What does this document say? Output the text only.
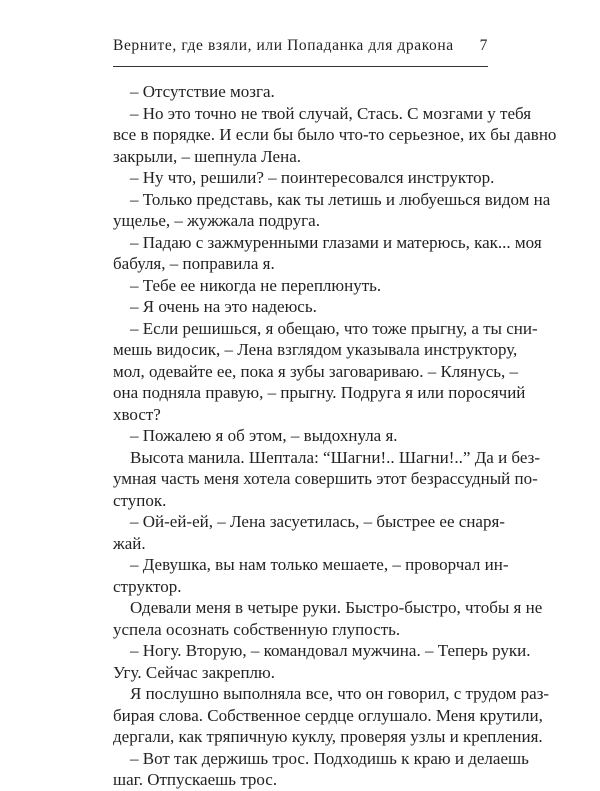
Верните, где взяли, или Попаданка для дракона 7
– Отсутствие мозга.
– Но это точно не твой случай, Стась. С мозгами у тебя
все в порядке. И если бы было что-то серьезное, их бы давно
закрыли, – шепнула Лена.
– Ну что, решили? – поинтересовался инструктор.
– Только представь, как ты летишь и любуешься видом на
ущелье, – жужжала подруга.
– Падаю с зажмуренными глазами и матерюсь, как... моя
бабуля, – поправила я.
– Тебе ее никогда не переплюнуть.
– Я очень на это надеюсь.
– Если решишься, я обещаю, что тоже прыгну, а ты сни-
мешь видосик, – Лена взглядом указывала инструктору,
мол, одевайте ее, пока я зубы заговариваю. – Клянусь, –
она подняла правую, – прыгну. Подруга я или поросячий
хвост?
– Пожалею я об этом, – выдохнула я.
Высота манила. Шептала: “Шагни!.. Шагни!..” Да и без-
умная часть меня хотела совершить этот безрассудный по-
ступок.
– Ой-ей-ей, – Лена засуетилась, – быстрее ее снаря-
жай.
– Девушка, вы нам только мешаете, – проворчал ин-
структор.
Одевали меня в четыре руки. Быстро-быстро, чтобы я не
успела осознать собственную глупость.
– Ногу. Вторую, – командовал мужчина. – Теперь руки.
Угу. Сейчас закреплю.
Я послушно выполняла все, что он говорил, с трудом раз-
бирая слова. Собственное сердце оглушало. Меня крутили,
дергали, как тряпичную куклу, проверяя узлы и крепления.
– Вот так держишь трос. Подходишь к краю и делаешь
шаг. Отпускаешь трос.
